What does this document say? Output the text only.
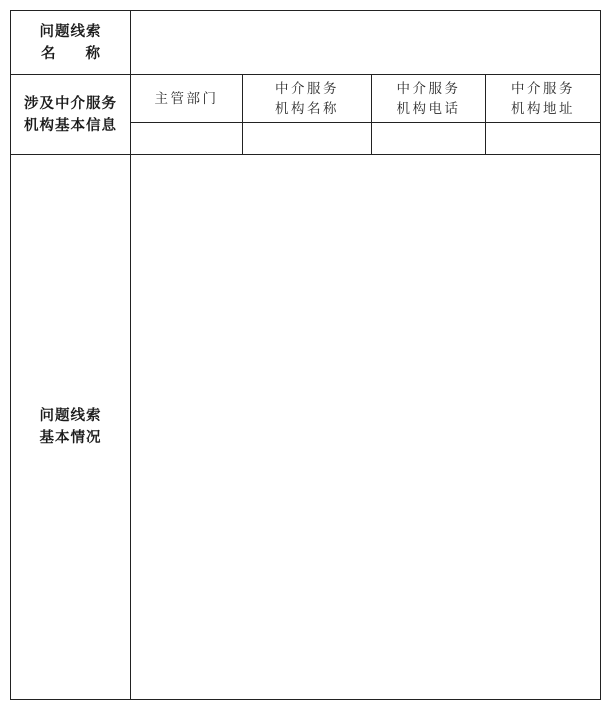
问题线索
名称
涉及中介服务
机构基本信息
主管部门
中介服务
机构名称
中介服务
机构电话
中介服务
机构地址
问题线索
基本情况
